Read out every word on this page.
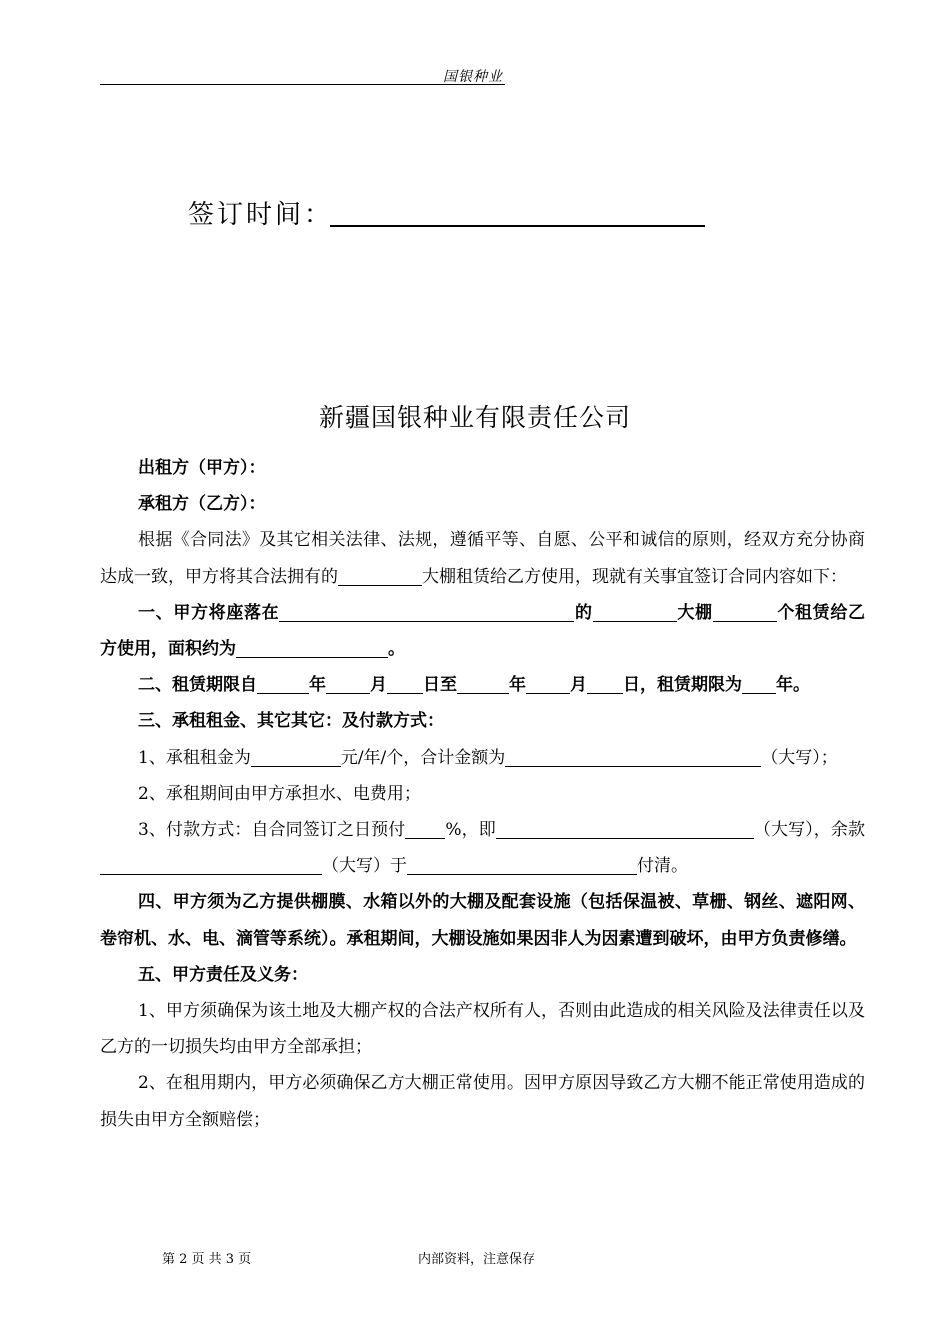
国银种业
签订时间：
新疆国银种业有限责任公司

出租方（甲方）：

承租方（乙方）：

根据《合同法》及其它相关法律、法规，遵循平等、自愿、公平和诚信的原则，经双方充分协商达成一致，甲方将其合法拥有的	大棚租赁给乙方使用，现就有关事宜签订合同内容如下：

一、甲方将座落在	的	大棚	个租赁给乙方使用，面积约为	。

二、租赁期限自	年	月 日至	年	月 日，租赁期限为 年。

三、承租租金、其它其它：及付款方式：

1、承租租金为	元/年/个，合计金额为	（大写）；

2、承租期间由甲方承担水、电费用；

3、付款方式：自合同签订之日预付 %，即	（大写），余款（大写）于	付清。

四、甲方须为乙方提供棚膜、水箱以外的大棚及配套设施（包括保温被、草栅、钢丝、遮阳网、卷帘机、水、电、滴管等系统）。承租期间，大棚设施如果因非人为因素遭到破坏，由甲方负责修缮。

五、甲方责任及义务：

1、甲方须确保为该土地及大棚产权的合法产权所有人，否则由此造成的相关风险及法律责任以及乙方的一切损失均由甲方全部承担；

2、在租用期内，甲方必须确保乙方大棚正常使用。因甲方原因导致乙方大棚不能正常使用造成的损失由甲方全额赔偿；

第 2 页 共 3 页	内部资料，注意保存
